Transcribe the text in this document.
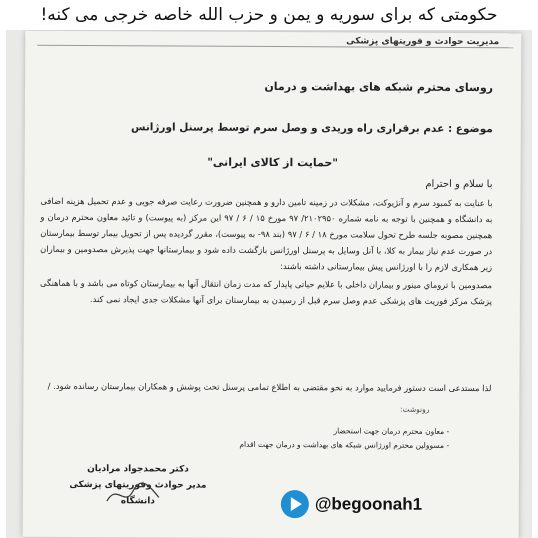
حکومتی که برای سوریه و یمن و حزب الله خاصه خرجی می کنه!
مدیریت حوادث و فوریتهای پزشکی
روسای محترم شبکه های بهداشت و درمان
موضوع : عدم برقراری راه وریدی و وصل سرم توسط پرسنل اورژانس
"حمایت از کالای ایرانی"
با سلام و احترام

با عنایت به کمبود سرم و آنژیوکت، مشکلات در زمینه تامین دارو و همچنین ضرورت رعایت صرفه جویی و عدم تحمیل هزینه اضافی به دانشگاه و همچنین با توجه به نامه شماره ۲۱۰۲۹۵۰/ ۹۷ مورخ ۱۵ / ۶ / ۹۷ این مرکز (به پیوست) و تائید معاون محترم درمان و همچنین مصوبه جلسه طرح تحول سلامت مورخ ۱۸ / ۶ / ۹۷ (بند ۹۸- به پیوست)، مقرر گردیده پس از تحویل بیمار توسط بیمارستان در صورت عدم نیاز بیمار به کلا، با آنل وسایل به پرسنل اورژانس بازگشت داده شود و بیمارستانها جهت پذیرش مصدومین و بیماران زیر همکاری لازم را با اورژانس پیش بیمارستانی داشته باشند:

مصدومین با تروماي مینور و بیماران داخلی با علایم حیاتی پایدار که مدت زمان انتقال آنها به بیمارستان کوتاه می باشد و با هماهنگی پزشک مرکز فوریت های پزشکی عدم وصل سرم قبل از رسیدن به بیمارستان برای آنها مشکلات جدی ایجاد نمی کند.

لذا مستدعی است دستور فرمایید موارد به نحو مقتضی به اطلاع تمامی پرسنل تحت پوشش و همکاران بیمارستان رسانده شود. /
رونوشت:
- معاون محترم درمان جهت استحضار
- مسوولین محترم اورژانس شبکه های بهداشت و درمان جهت اقدام
دکتر محمدجواد مرادیان
مدیر حوادث وفوریتهای پزشکی دانشگاه	@begoonah1
